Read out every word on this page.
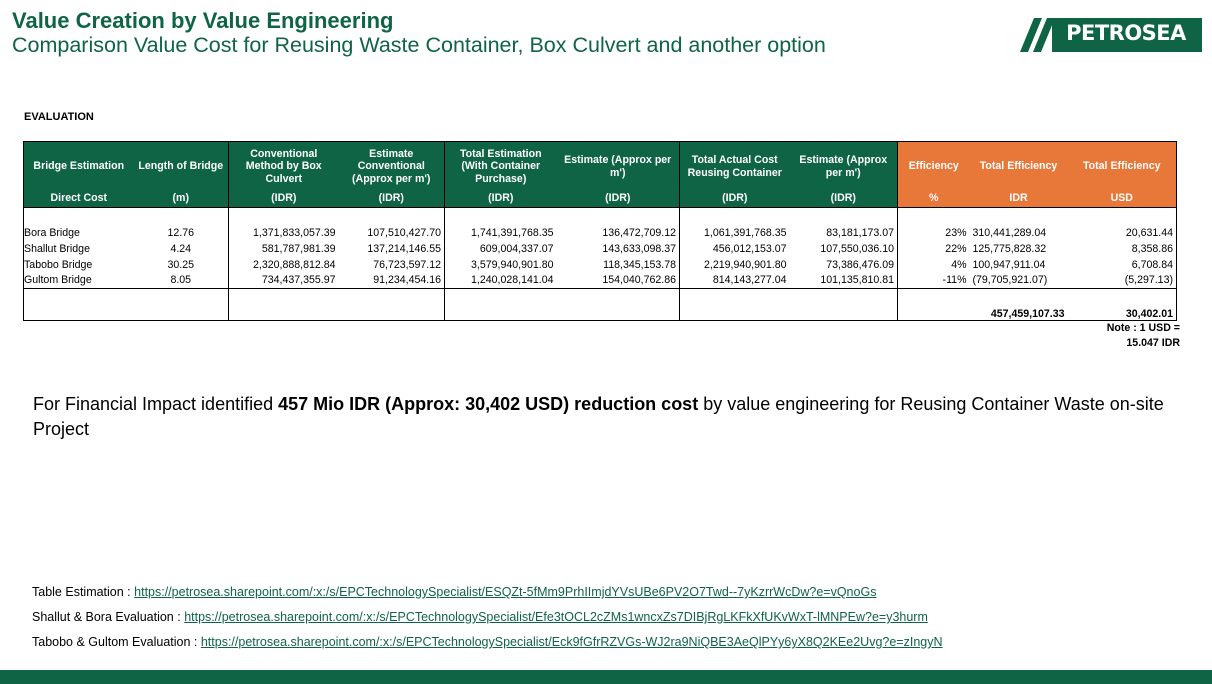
Value Creation by Value Engineering
Comparison Value Cost for Reusing Waste Container, Box Culvert and another option	PETROSEA
EVALUATION
Bridge Estimation	Length of Bridge	Conventional Method by Box Culvert	Estimate Conventional (Approx per m')	Total Estimation (With Container Purchase)	Estimate (Approx per m')	Total Actual Cost Reusing Container	Estimate (Approx per m')	Efficiency	Total Efficiency	Total Efficiency
Direct Cost	(m)	(IDR)	(IDR)	(IDR)	(IDR)	(IDR)	(IDR)	%	IDR	USD

Bora Bridge	12.76	1,371,833,057.39	107,510,427.70	1,741,391,768.35	136,472,709.12	1,061,391,768.35	83,181,173.07	23%	310,441,289.04	20,631.44
Shallut Bridge	4.24	581,787,981.39	137,214,146.55	609,004,337.07	143,633,098.37	456,012,153.07	107,550,036.10	22%	125,775,828.32	8,358.86
Tabobo Bridge	30.25	2,320,888,812.84	76,723,597.12	3,579,940,901.80	118,345,153.78	2,219,940,901.80	73,386,476.09	4%	100,947,911.04	6,708.84
Gultom Bridge	8.05	734,437,355.97	91,234,454.16	1,240,028,141.04	154,040,762.86	814,143,277.04	101,135,810.81	-11%	(79,705,921.07)	(5,297.13)
									457,459,107.33	30,402.01
Note : 1 USD =
15.047 IDR
For Financial Impact identified 457 Mio IDR (Approx: 30,402 USD) reduction cost by value engineering for Reusing Container Waste on-site Project
Table Estimation : https://petrosea.sharepoint.com/:x:/s/EPCTechnologySpecialist/ESQZt-5fMm9PrhIImjdYVsUBe6PV2O7Twd--7yKzrrWcDw?e=vQnoGs
Shallut & Bora Evaluation : https://petrosea.sharepoint.com/:x:/s/EPCTechnologySpecialist/Efe3tOCL2cZMs1wncxZs7DIBjRgLKFkXfUKvWxT-lMNPEw?e=y3hurm
Tabobo & Gultom Evaluation : https://petrosea.sharepoint.com/:x:/s/EPCTechnologySpecialist/Eck9fGfrRZVGs-WJ2ra9NiQBE3AeQlPYy6yX8Q2KEe2Uvg?e=zIngyN
